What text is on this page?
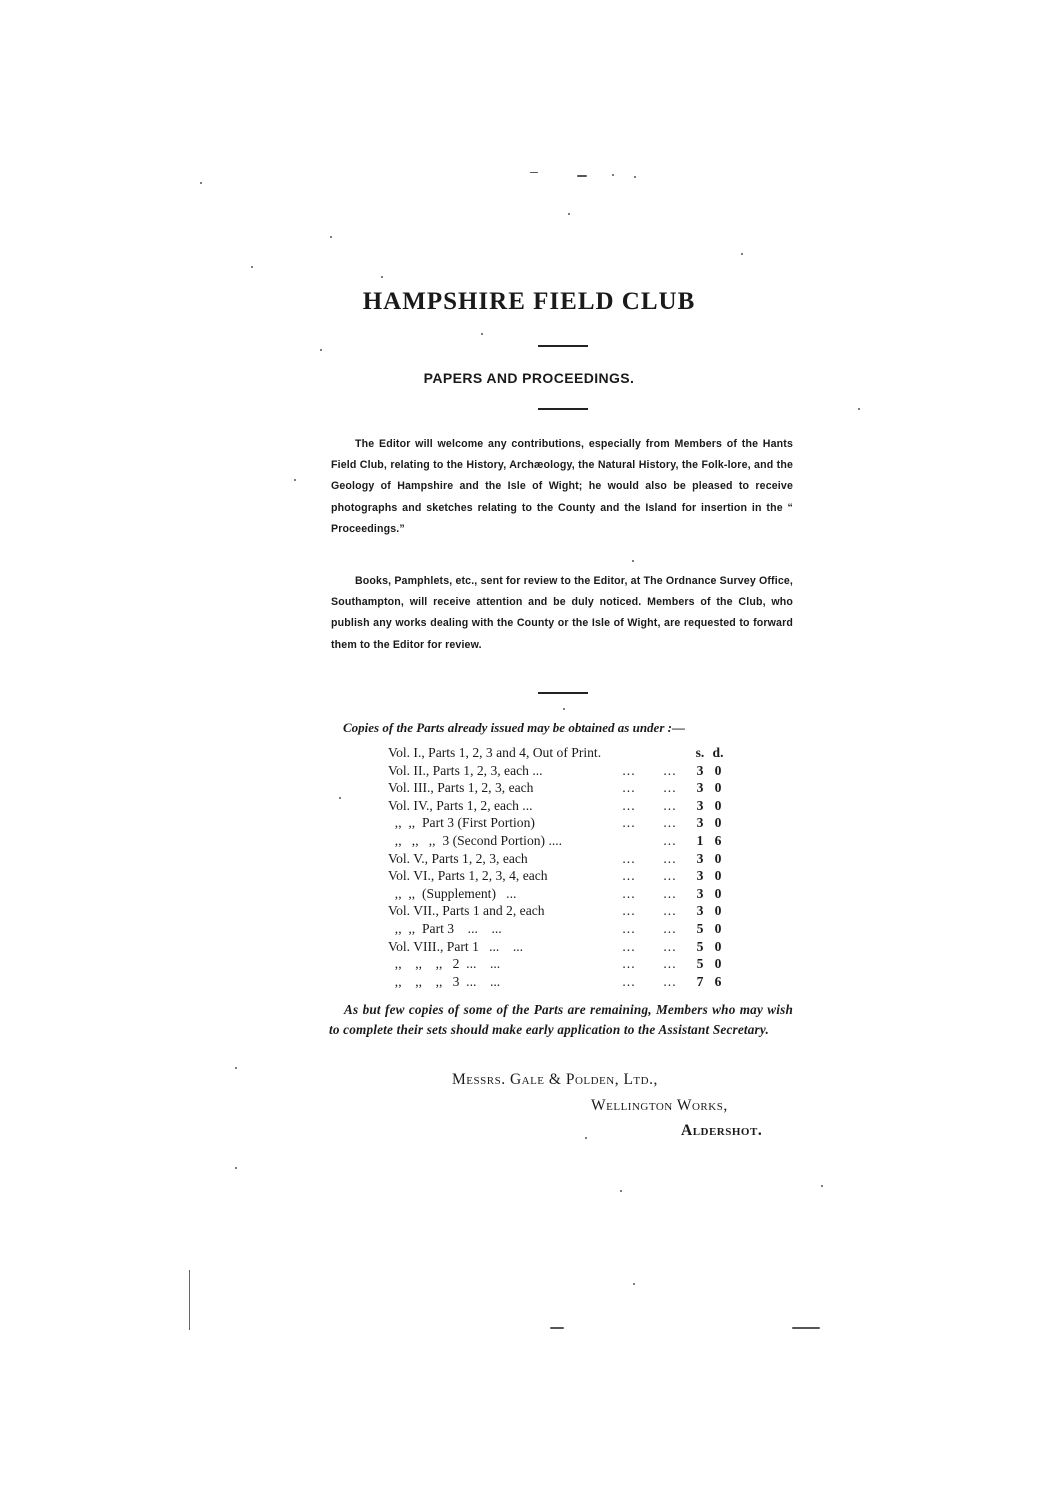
HAMPSHIRE FIELD CLUB
PAPERS AND PROCEEDINGS.
The Editor will welcome any contributions, especially from Members of the Hants Field Club, relating to the History, Archæology, the Natural History, the Folk-lore, and the Geology of Hampshire and the Isle of Wight; he would also be pleased to receive photographs and sketches relating to the County and the Island for insertion in the “ Proceedings.”
Books, Pamphlets, etc., sent for review to the Editor, at The Ordnance Survey Office, Southampton, will receive attention and be duly noticed. Members of the Club, who publish any works dealing with the County or the Isle of Wight, are requested to forward them to the Editor for review.
Copies of the Parts already issued may be obtained as under :—
Vol. I., Parts 1, 2, 3 and 4, Out of Print.			s.	d.
Vol. II., Parts 1, 2, 3, each ...	...	...	3	0
Vol. III., Parts 1, 2, 3, each	...	...	3	0
Vol. IV., Parts 1, 2, each ...	...	...	3	0
,,  ,,  Part 3 (First Portion)	...	...	3	0
,,   ,,   ,,  3 (Second Portion) ....		...	1	6
Vol. V., Parts 1, 2, 3, each	...	...	3	0
Vol. VI., Parts 1, 2, 3, 4, each	...	...	3	0
,,  ,,  (Supplement)   ...	...	...	3	0
Vol. VII., Parts 1 and 2, each	...	...	3	0
,,  ,,  Part 3    ...    ...	...	...	5	0
Vol. VIII., Part 1   ...    ...	...	...	5	0
,,    ,,    ,,   2  ...    ...	...	...	5	0
,,    ,,    ,,   3  ...    ...	...	...	7	6
As but few copies of some of the Parts are remaining, Members who may wish to complete their sets should make early application to the Assistant Secretary.
Messrs. Gale & Polden, Ltd.,
Wellington Works,
Aldershot.
